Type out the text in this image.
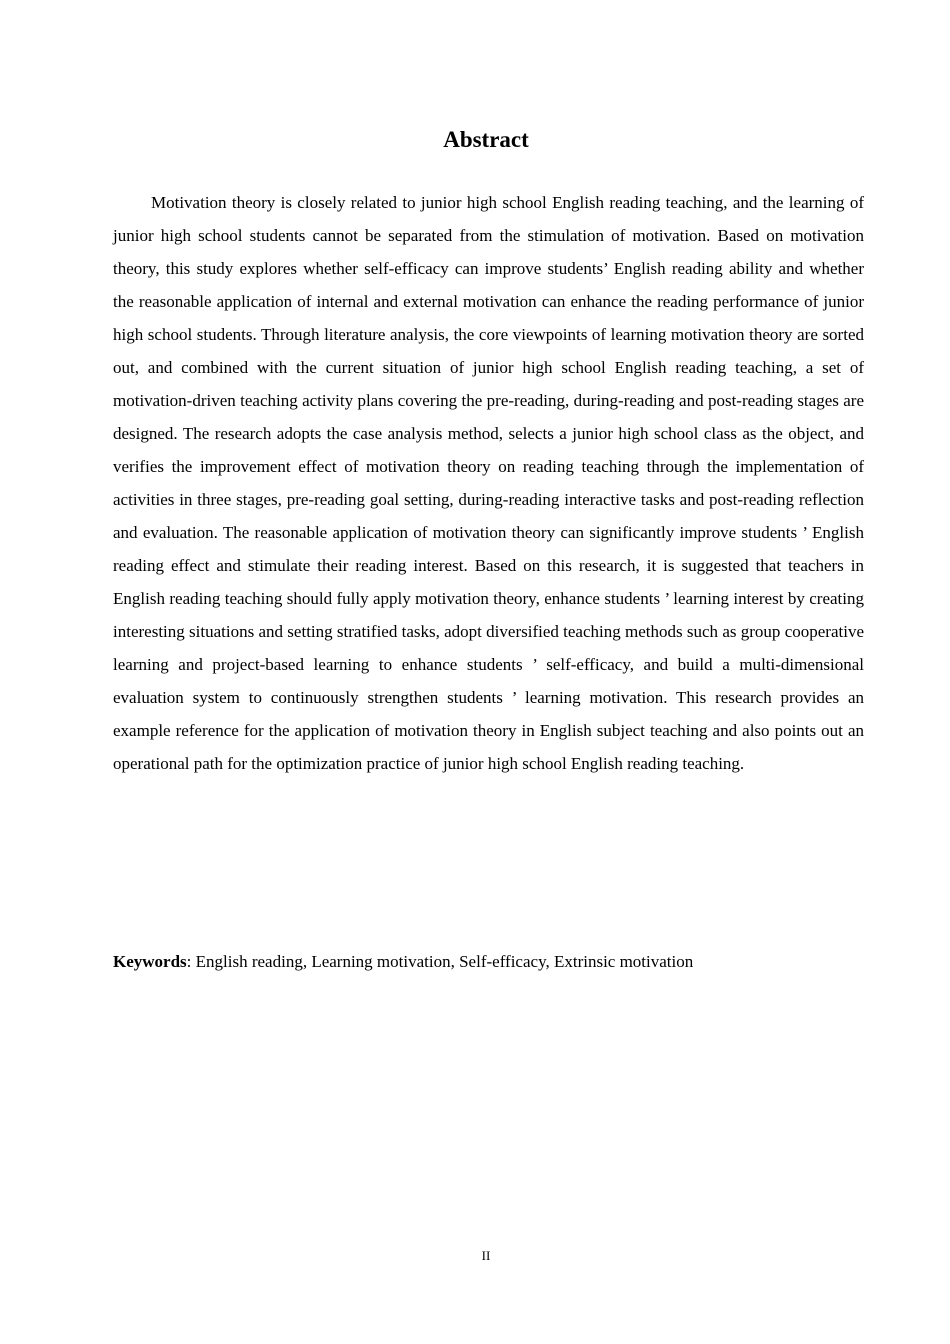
Abstract

Motivation theory is closely related to junior high school English reading teaching, and the learning of junior high school students cannot be separated from the stimulation of motivation. Based on motivation theory, this study explores whether self-efficacy can improve students’ English reading ability and whether the reasonable application of internal and external motivation can enhance the reading performance of junior high school students. Through literature analysis, the core viewpoints of learning motivation theory are sorted out, and combined with the current situation of junior high school English reading teaching, a set of motivation-driven teaching activity plans covering the pre-reading, during-reading and post-reading stages are designed. The research adopts the case analysis method, selects a junior high school class as the object, and verifies the improvement effect of motivation theory on reading teaching through the implementation of activities in three stages, pre-reading goal setting, during-reading interactive tasks and post-reading reflection and evaluation. The reasonable application of motivation theory can significantly improve students ’ English reading effect and stimulate their reading interest. Based on this research, it is suggested that teachers in English reading teaching should fully apply motivation theory, enhance students ’ learning interest by creating interesting situations and setting stratified tasks, adopt diversified teaching methods such as group cooperative learning and project-based learning to enhance students ’ self-efficacy, and build a multi-dimensional evaluation system to continuously strengthen students ’ learning motivation. This research provides an example reference for the application of motivation theory in English subject teaching and also points out an operational path for the optimization practice of junior high school English reading teaching.

Keywords: English reading, Learning motivation, Self-efficacy, Extrinsic motivation

II
